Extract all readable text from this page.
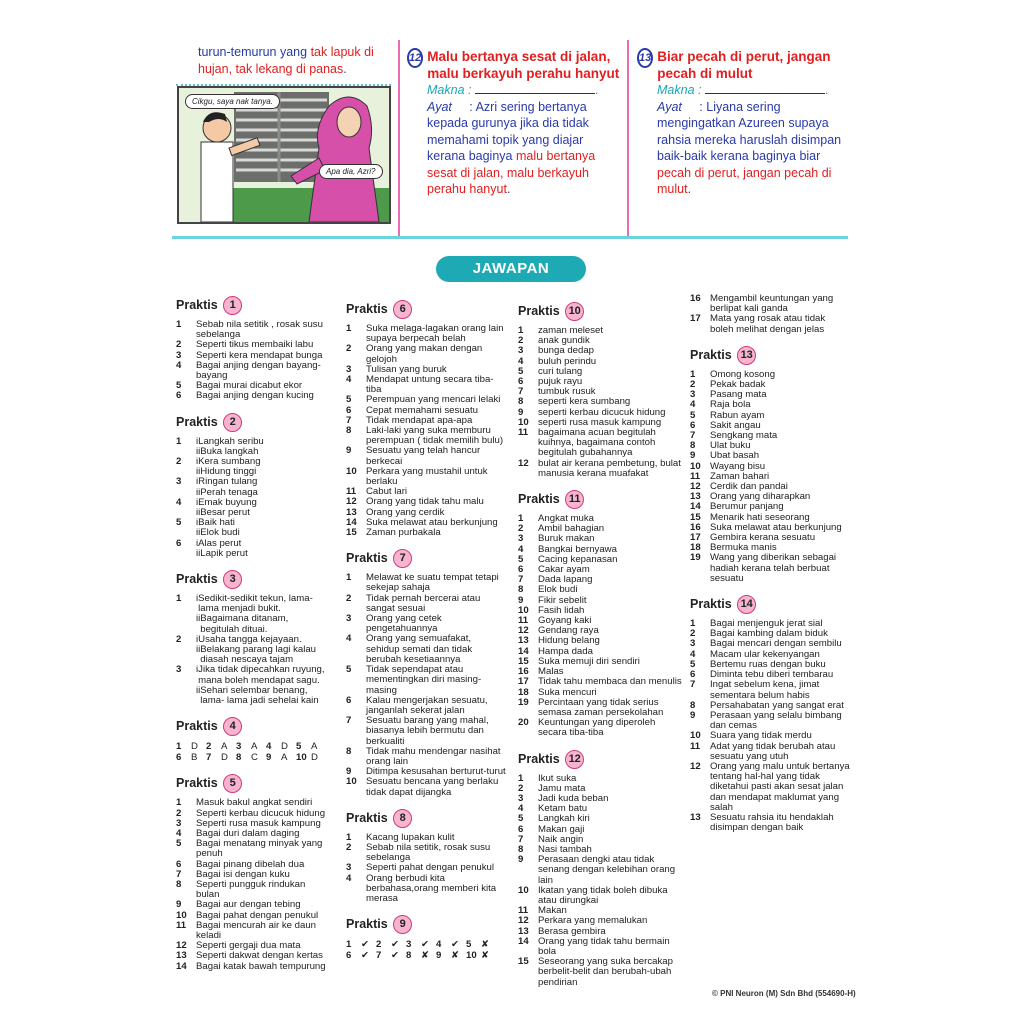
turun-temurun yang tak lapuk di hujan, tak lekang di panas.
Cikgu, saya nak tanya.
Apa dia, Azri?
12 Malu bertanya sesat di jalan, malu berkayuh perahu hanyut
Makna :	.
Ayat : Azri sering bertanya kepada gurunya jika dia tidak memahami topik yang diajar kerana baginya malu bertanya sesat di jalan, malu berkayuh perahu hanyut.
13 Biar pecah di perut, jangan pecah di mulut
Makna :	.
Ayat : Liyana sering mengingatkan Azureen supaya rahsia mereka haruslah disimpan baik-baik kerana baginya biar pecah di perut, jangan pecah di mulut.
JAWAPAN
Praktis 1
1	Sebab nila setitik , rosak susu sebelanga
2	Seperti tikus membaiki labu
3	Seperti kera mendapat bunga
4	Bagai anjing dengan bayang-bayang
5	Bagai murai dicabut ekor
6	Bagai anjing dengan kucing
Praktis 2
1	i Langkah seribu
ii Buka langkah
2	i Kera sumbang
ii Hidung tinggi
3	i Ringan tulang
ii Perah tenaga
4	i Emak buyung
ii Besar perut
5	i Baik hati
ii Elok budi
6	i Alas perut
ii Lapik perut
Praktis 3
1	i Sedikit-sedikit tekun, lama-lama menjadi bukit.
ii Bagaimana ditanam, begitulah dituai.
2	i Usaha tangga kejayaan.
ii Belakang parang lagi kalau diasah nescaya tajam
3	i Jika tidak dipecahkan ruyung, mana boleh mendapat sagu.
ii Sehari selembar benang, lama- lama jadi sehelai kain
Praktis 4
1	D 2	A 3	A 4	D 5	A
6	B 7	D 8	C 9	A 10 D
Praktis 5
1	Masuk bakul angkat sendiri
2	Seperti kerbau dicucuk hidung
3	Seperti rusa masuk kampung
4	Bagai duri dalam daging
5	Bagai menatang minyak yang penuh
6	Bagai pinang dibelah dua
7	Bagai isi dengan kuku
8	Seperti pungguk rindukan bulan
9	Bagai aur dengan tebing
10 Bagai pahat dengan penukul
11	Bagai mencurah air ke daun keladi
12 Seperti gergaji dua mata
13 Seperti dakwat dengan kertas
14 Bagai katak bawah tempurung
Praktis 6
1	Suka melaga-lagakan orang lain supaya berpecah belah
2	Orang yang makan dengan gelojoh
3	Tulisan yang buruk
4	Mendapat untung secara tiba-tiba
5	Perempuan yang mencari lelaki
6	Cepat memahami sesuatu
7	Tidak mendapat apa-apa
8	Laki-laki yang suka memburu perempuan ( tidak memilih bulu)
9	Sesuatu yang telah hancur berkecai
10 Perkara yang mustahil untuk berlaku
11	Cabut lari
12 Orang yang tidak tahu malu
13 Orang yang cerdik
14 Suka melawat atau berkunjung
15 Zaman purbakala
Praktis 7
1	Melawat ke suatu tempat tetapi sekejap sahaja
2	Tidak pernah bercerai atau sangat sesuai
3	Orang yang cetek pengetahuannya
4	Orang yang semuafakat, sehidup semati dan tidak berubah kesetiaannya
5	Tidak sependapat atau mementingkan diri masing-masing
6	Kalau mengerjakan sesuatu, janganlah sekerat jalan
7	Sesuatu barang yang mahal, biasanya lebih bermutu dan berkualiti
8	Tidak mahu mendengar nasihat orang lain
9	Ditimpa kesusahan berturut-turut
10 Sesuatu bencana yang berlaku tidak dapat dijangka
Praktis 8
1	Kacang lupakan kulit
2	Sebab nila setitik, rosak susu sebelanga
3	Seperti pahat dengan penukul
4	Orang berbudi kita berbahasa,orang memberi kita merasa
Praktis 9
1	✔ 2	✔ 3	✔ 4	✔ 5	✘
6	✔ 7	✔ 8	✘ 9	✘ 10 ✘
Praktis 10
1	zaman meleset
2	anak gundik
3	bunga dedap
4	buluh perindu
5	curi tulang
6	pujuk rayu
7	tumbuk rusuk
8	seperti kera sumbang
9	seperti kerbau dicucuk hidung
10 seperti rusa masuk kampung
11	bagaimana acuan begitulah kuihnya, bagaimana contoh begitulah gubahannya
12 bulat air kerana pembetung, bulat manusia kerana muafakat
Praktis 11
1	Angkat muka
2	Ambil bahagian
3	Buruk makan
4	Bangkai bernyawa
5	Cacing kepanasan
6	Cakar ayam
7	Dada lapang
8	Elok budi
9	Fikir sebelit
10 Fasih lidah
11	Goyang kaki
12 Gendang raya
13 Hidung belang
14 Hampa dada
15 Suka memuji diri sendiri
16 Malas
17 Tidak tahu membaca dan menulis
18 Suka mencuri
19 Percintaan yang tidak serius semasa zaman persekolahan
20 Keuntungan yang diperoleh secara tiba-tiba
Praktis 12
1	Ikut suka
2	Jamu mata
3	Jadi kuda beban
4	Ketam batu
5	Langkah kiri
6	Makan gaji
7	Naik angin
8	Nasi tambah
9	Perasaan dengki atau tidak senang dengan kelebihan orang lain
10 Ikatan yang tidak boleh dibuka atau dirungkai
11	Makan
12 Perkara yang memalukan
13 Berasa gembira
14 Orang yang tidak tahu bermain bola
15 Seseorang yang suka bercakap berbelit-belit dan berubah-ubah pendirian
16 Mengambil keuntungan yang berlipat kali ganda
17 Mata yang rosak atau tidak boleh melihat dengan jelas
Praktis 13
1	Omong kosong
2	Pekak badak
3	Pasang mata
4	Raja bola
5	Rabun ayam
6	Sakit angau
7	Sengkang mata
8	Ulat buku
9	Ubat basah
10 Wayang bisu
11	Zaman bahari
12 Cerdik dan pandai
13 Orang yang diharapkan
14 Berumur panjang
15 Menarik hati seseorang
16 Suka melawat atau berkunjung
17 Gembira kerana sesuatu
18 Bermuka manis
19 Wang yang diberikan sebagai hadiah kerana telah berbuat sesuatu
Praktis 14
1	Bagai menjenguk jerat sial
2	Bagai kambing dalam biduk
3	Bagai mencari dengan sembilu
4	Macam ular kekenyangan
5	Bertemu ruas dengan buku
6	Diminta tebu diberi tembarau
7	Ingat sebelum kena, jimat sementara belum habis
8	Persahabatan yang sangat erat
9	Perasaan yang selalu bimbang dan cemas
10 Suara yang tidak merdu
11	Adat yang tidak berubah atau sesuatu yang utuh
12 Orang yang malu untuk bertanya tentang hal-hal yang tidak diketahui pasti akan sesat jalan dan mendapat maklumat yang salah
13 Sesuatu rahsia itu hendaklah disimpan dengan baik
© PNI Neuron (M) Sdn Bhd (554690-H)
